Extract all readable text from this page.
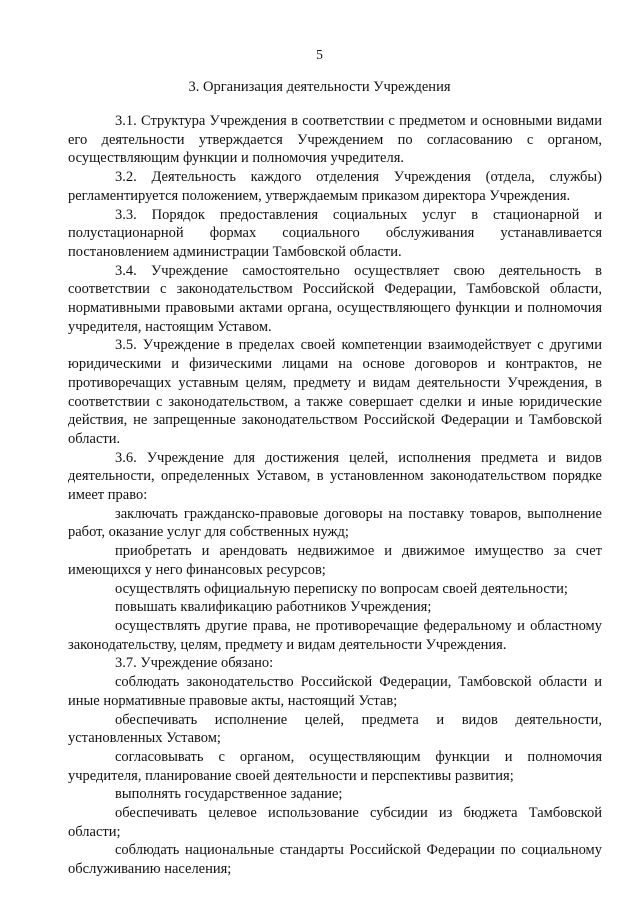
5
3. Организация деятельности Учреждения

3.1. Структура Учреждения в соответствии с предметом и основными видами его деятельности утверждается Учреждением по согласованию с органом, осуществляющим функции и полномочия учредителя.

3.2. Деятельность каждого отделения Учреждения (отдела, службы) регламентируется положением, утверждаемым приказом директора Учреждения.

3.3. Порядок предоставления социальных услуг в стационарной и полустационарной формах социального обслуживания устанавливается постановлением администрации Тамбовской области.

3.4. Учреждение самостоятельно осуществляет свою деятельность в соответствии с законодательством Российской Федерации, Тамбовской области, нормативными правовыми актами органа, осуществляющего функции и полномочия учредителя, настоящим Уставом.

3.5. Учреждение в пределах своей компетенции взаимодействует с другими юридическими и физическими лицами на основе договоров и контрактов, не противоречащих уставным целям, предмету и видам деятельности Учреждения, в соответствии с законодательством, а также совершает сделки и иные юридические действия, не запрещенные законодательством Российской Федерации и Тамбовской области.

3.6. Учреждение для достижения целей, исполнения предмета и видов деятельности, определенных Уставом, в установленном законодательством порядке имеет право:

заключать гражданско-правовые договоры на поставку товаров, выполнение работ, оказание услуг для собственных нужд;

приобретать и арендовать недвижимое и движимое имущество за счет имеющихся у него финансовых ресурсов;

осуществлять официальную переписку по вопросам своей деятельности;

повышать квалификацию работников Учреждения;

осуществлять другие права, не противоречащие федеральному и областному законодательству, целям, предмету и видам деятельности Учреждения.

3.7. Учреждение обязано:

соблюдать законодательство Российской Федерации, Тамбовской области и иные нормативные правовые акты, настоящий Устав;

обеспечивать исполнение целей, предмета и видов деятельности, установленных Уставом;

согласовывать с органом, осуществляющим функции и полномочия учредителя, планирование своей деятельности и перспективы развития;

выполнять государственное задание;

обеспечивать целевое использование субсидии из бюджета Тамбовской области;

соблюдать национальные стандарты Российской Федерации по социальному обслуживанию населения;
